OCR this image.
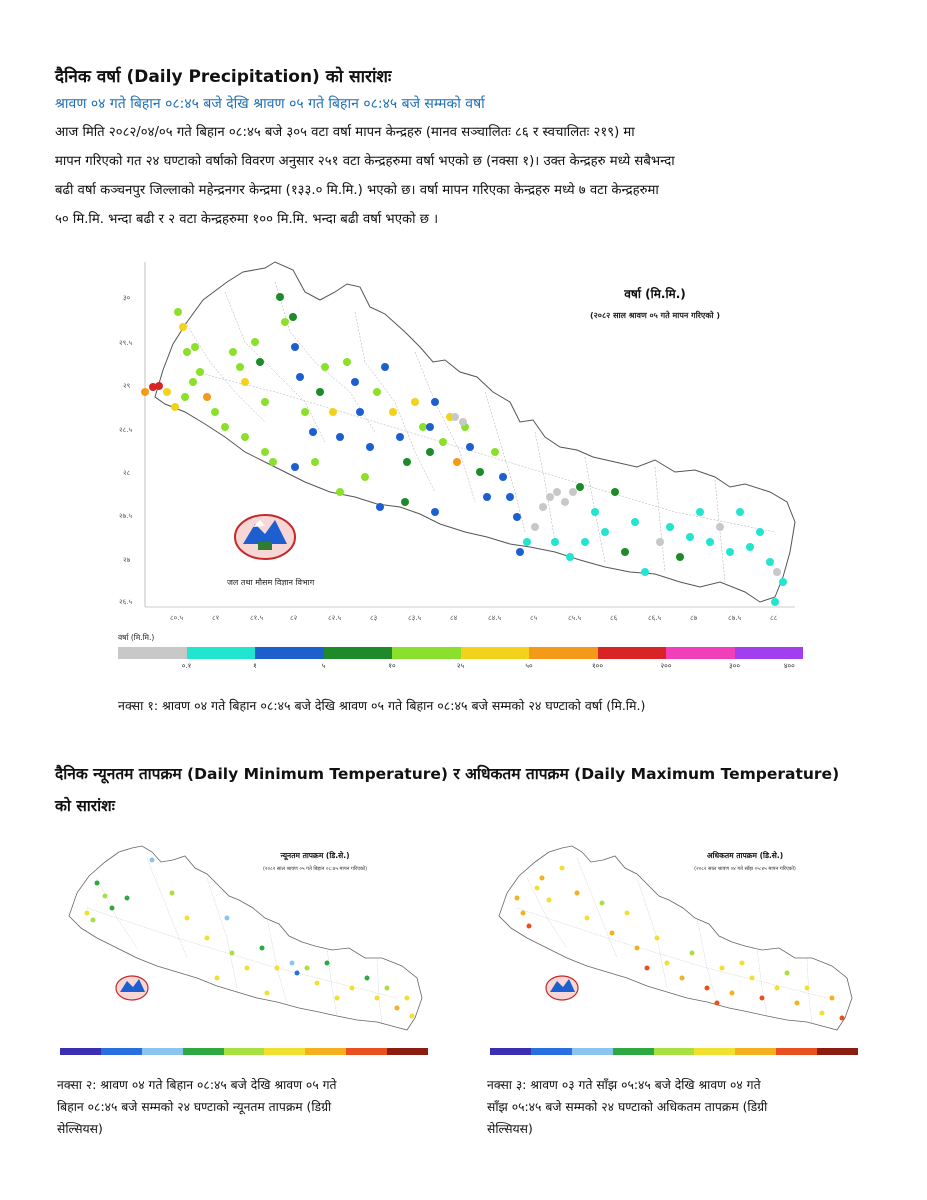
दैनिक वर्षा (Daily Precipitation) को सारांशः
श्रावण ०४ गते बिहान ०८:४५ बजे देखि श्रावण ०५ गते बिहान ०८:४५ बजे सम्मको वर्षा
आज मिति २०८२/०४/०५ गते बिहान ०८:४५ बजे ३०५ वटा वर्षा मापन केन्द्रहरु (मानव सञ्चालितः ८६ र स्वचालितः २१९) मा
मापन गरिएको गत २४ घण्टाको वर्षाको विवरण अनुसार २५१ वटा केन्द्रहरुमा वर्षा भएको छ (नक्सा १)। उक्त केन्द्रहरु मध्ये सबैभन्दा
बढी वर्षा कञ्चनपुर जिल्लाको महेन्द्रनगर केन्द्रमा (१३३.० मि.मि.) भएको छ। वर्षा मापन गरिएका केन्द्रहरु मध्ये ७ वटा केन्द्रहरुमा
५० मि.मि. भन्दा बढी र २ वटा केन्द्रहरुमा १०० मि.मि. भन्दा बढी वर्षा भएको छ ।
३०
२९.५
२९
२८.५
२८
२७.५
२७
२६.५
८०.५	८१	८१.५	८२	८२.५	८३	८३.५	८४	८४.५	८५	८५.५	८६	८६.५	८७	८७.५	८८
जल तथा मौसम विज्ञान विभाग
वर्षा (मि.मि.)
(२०८२ साल श्रावण ०५ गते मापन गरिएको )
वर्षा (मि.मि.)
०.१	१	५	१०	२५	५०	१००	२००	३००	४००
नक्सा १: श्रावण ०४ गते बिहान ०८:४५ बजे देखि श्रावण ०५ गते बिहान ०८:४५ बजे सम्मको २४ घण्टाको वर्षा (मि.मि.)
दैनिक न्यूनतम तापक्रम (Daily Minimum Temperature) र अधिकतम तापक्रम (Daily Maximum Temperature)
को सारांशः
न्यूनतम तापक्रम (डि.से.)
(२०८२ साल श्रावण ०५ गते बिहान ०८:४५ मापन गरिएको)
नक्सा २: श्रावण ०४ गते बिहान ०८:४५ बजे देखि श्रावण ०५ गते
बिहान ०८:४५ बजे सम्मको २४ घण्टाको न्यूनतम तापक्रम (डिग्री
सेल्सियस)
अधिकतम तापक्रम (डि.से.)
(२०८२ साल श्रावण ०४ गते साँझ ०५:४५ मापन गरिएको)
नक्सा ३: श्रावण ०३ गते साँझ ०५:४५ बजे देखि श्रावण ०४ गते
साँझ ०५:४५ बजे सम्मको २४ घण्टाको अधिकतम तापक्रम (डिग्री
सेल्सियस)
